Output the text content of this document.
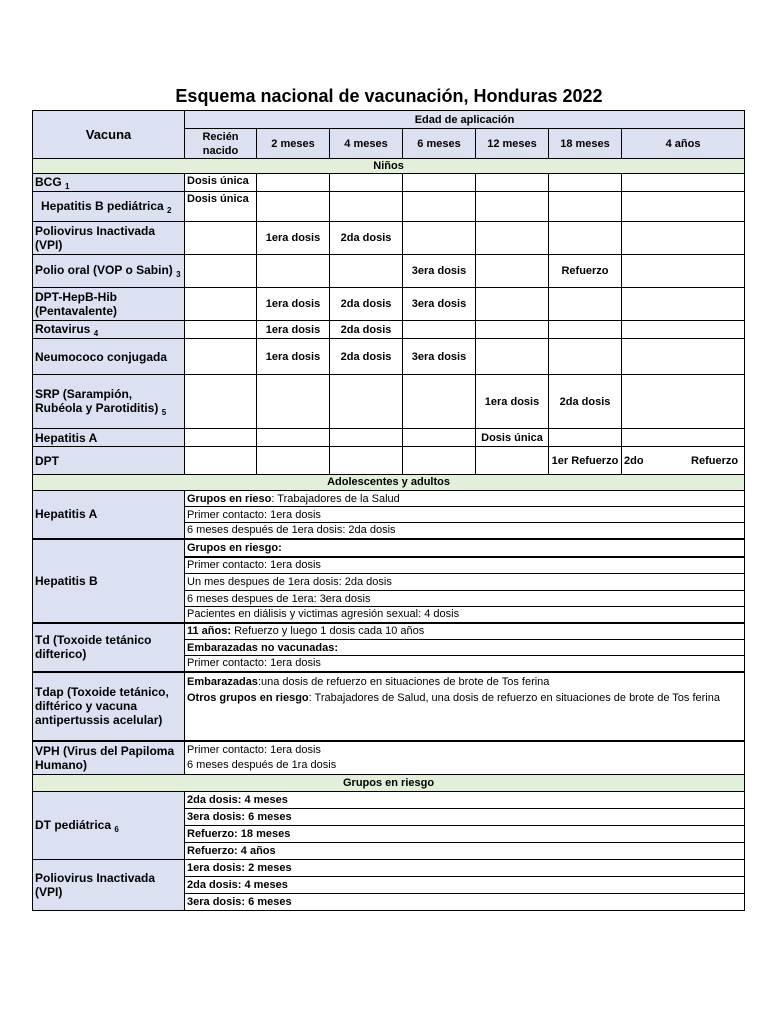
Esquema nacional de vacunación, Honduras 2022
Vacuna	Edad de aplicación						
	Recién nacido	2 meses	4 meses	6 meses	12 meses	18 meses	4 años
Niños							
BCG $_1$	Dosis única						
Hepatitis B pediátrica $_2$	Dosis única						
Poliovirus Inactivada (VPI)		1era dosis	2da dosis				
Polio oral (VOP o Sabin) $_3$				3era dosis		Refuerzo	
DPT-HepB-Hib (Pentavalente)		1era dosis	2da dosis	3era dosis			
Rotavirus $_4$		1era dosis	2da dosis				
Neumococo conjugada		1era dosis	2da dosis	3era dosis			
SRP (Sarampión, Rubéola y Parotiditis) $_5$					1era dosis	2da dosis	
Hepatitis A					Dosis única		
DPT						1er Refuerzo	2do Refuerzo

Adolescentes y adultos							
Hepatitis A	Grupos en rieso: Trabajadores de la Salud						
	Primer contacto: 1era dosis						
	6 meses después de 1era dosis: 2da dosis						
Hepatitis B	Grupos en riesgo:						
	Primer contacto: 1era dosis						
	Un mes despues de 1era dosis: 2da dosis						
	6 meses despues de 1era: 3era dosis						
	Pacientes en diálisis y victimas agresión sexual: 4 dosis						
Td (Toxoide tetánico difterico)	11 años: Refuerzo y luego 1 dosis cada 10 años						
	Embarazadas no vacunadas:						
	Primer contacto: 1era dosis						
Tdap (Toxoide tetánico, diftérico y vacuna antipertussis acelular)	Embarazadas:una dosis de refuerzo en situaciones de brote de Tos ferina
Otros grupos en riesgo: Trabajadores de Salud, una dosis de refuerzo en situaciones de brote de Tos ferina						

VPH (Virus del Papiloma Humano)	Primer contacto: 1era dosis
6 meses después de 1ra dosis						

Grupos en riesgo							
DT pediátrica $_6$	2da dosis: 4 meses						
	3era dosis: 6 meses						
	Refuerzo: 18 meses						
	Refuerzo: 4 años						
Poliovirus Inactivada (VPI)	1era dosis: 2 meses						
	2da dosis: 4 meses						
	3era dosis: 6 meses						
